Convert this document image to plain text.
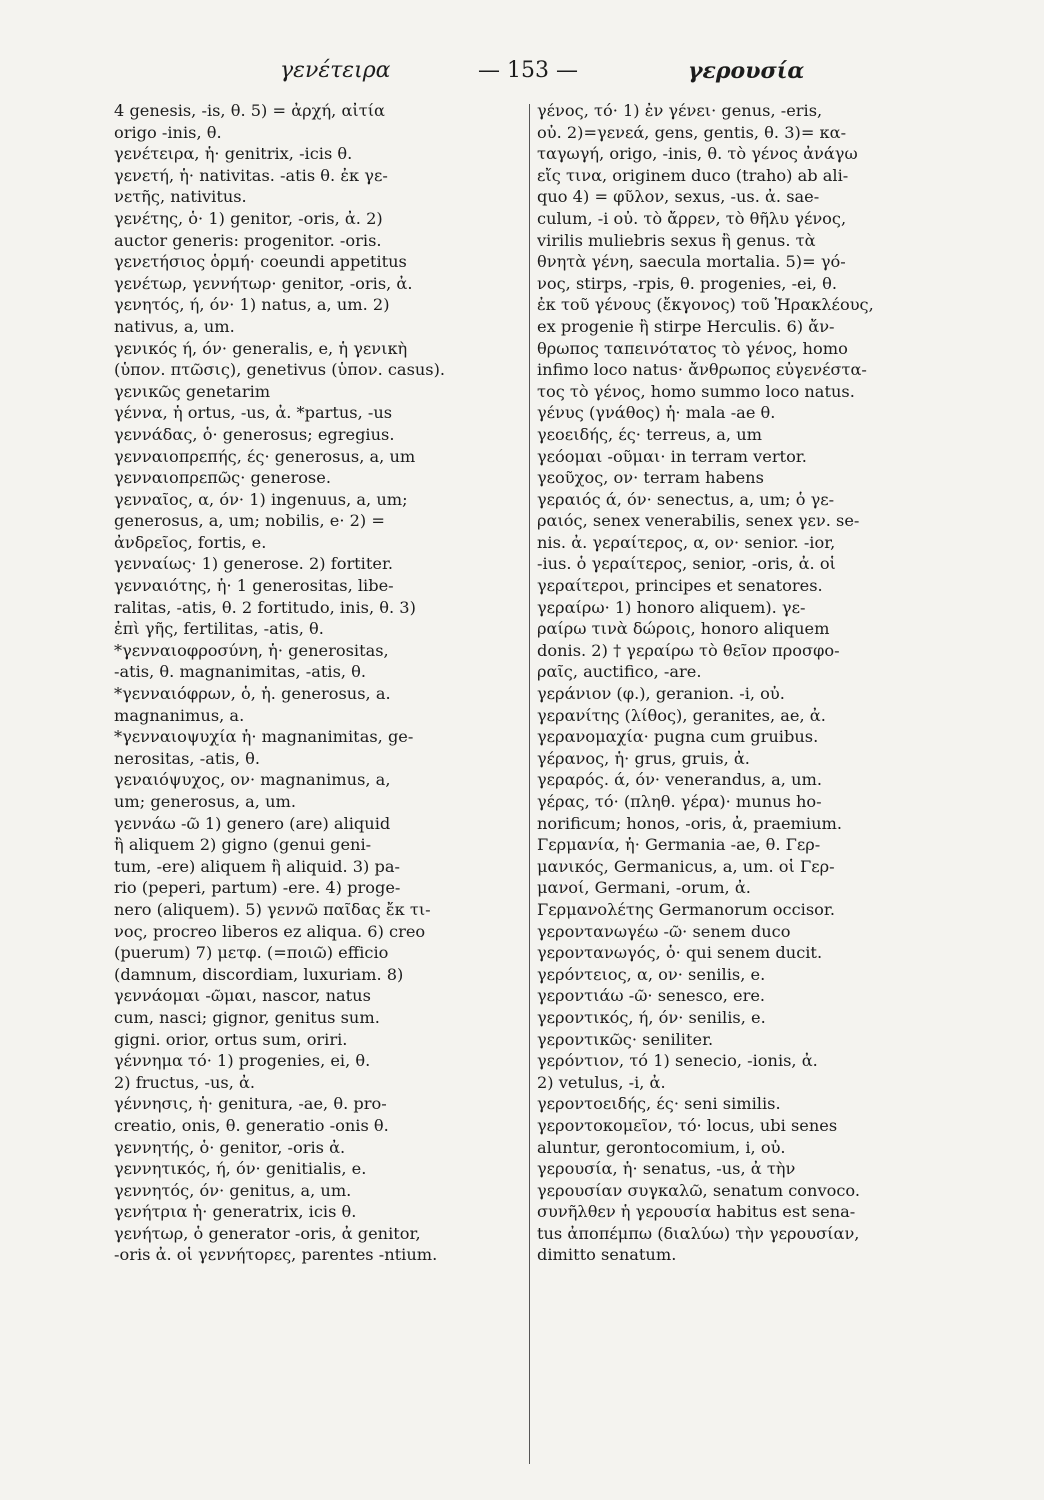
γενέτειρα	— 153 —	γερουσία
4 genesis, -is, θ. 5) = ἀρχή, αἰτία
origo -inis, θ.
γενέτειρα, ἡ· genitrix, -icis θ.
γενετή, ἡ· nativitas. -atis θ. ἐκ γε-
νετῆς, nativitus.
γενέτης, ὁ· 1) genitor, -oris, ἀ. 2)
auctor generis: progenitor. -oris.
γενετήσιος ὁρμή· coeundi appetitus
γενέτωρ, γεννήτωρ· genitor, -oris, ἀ.
γενητός, ή, όν· 1) natus, a, um. 2)
nativus, a, um.
γενικός ή, όν· generalis, e, ἡ γενικὴ
(ὑπον. πτῶσις), genetivus (ὑπον. casus).
γενικῶς genetarim
γέννα, ἡ ortus, -us, ἀ. *partus, -us
γεννάδας, ὁ· generosus; egregius.
γενναιοπρεπής, ές· generosus, a, um
γενναιοπρεπῶς· generose.
γενναῖος, α, όν· 1) ingenuus, a, um;
generosus, a, um; nobilis, e· 2) =
ἀνδρεῖος, fortis, e.
γενναίως· 1) generose. 2) fortiter.
γενναιότης, ἡ· 1 generositas, libe-
ralitas, -atis, θ. 2 fortitudo, inis, θ. 3)
ἐπὶ γῆς, fertilitas, -atis, θ.
*γενναιοφροσύνη, ἡ· generositas,
-atis, θ. magnanimitas, -atis, θ.
*γενναιόφρων, ὁ, ἡ. generosus, a.
magnanimus, a.
*γενναιοψυχία ἡ· magnanimitas, ge-
nerositas, -atis, θ.
γεναιόψυχος, ον· magnanimus, a,
um; generosus, a, um.
γεννάω -ῶ 1) genero (are) aliquid
ἢ aliquem 2) gigno (genui geni-
tum, -ere) aliquem ἢ aliquid. 3) pa-
rio (peperi, partum) -ere. 4) proge-
nero (aliquem). 5) γεννῶ παῖδας ἔκ τι-
νος, procreo liberos ez aliqua. 6) creo
(puerum) 7) μετφ. (=ποιῶ) efficio
(damnum, discordiam, luxuriam. 8)
γεννάομαι -ῶμαι, nascor, natus
cum, nasci; gignor, genitus sum.
gigni. orior, ortus sum, oriri.
γέννημα τό· 1) progenies, ei, θ.
2) fructus, -us, ἀ.
γέννησις, ἡ· genitura, -ae, θ. pro-
creatio, onis, θ. generatio -onis θ.
γεννητής, ὁ· genitor, -oris ἀ.
γεννητικός, ή, όν· genitialis, e.
γεννητός, όν· genitus, a, um.
γενήτρια ἡ· generatrix, icis θ.
γενήτωρ, ὁ generator -oris, ἀ genitor,
-oris ἀ. οἱ γεννήτορες, parentes -ntium.
γένος, τό· 1) ἐν γένει· genus, -eris,
οὐ. 2)=γενεά, gens, gentis, θ. 3)= κα-
ταγωγή, origo, -inis, θ. τὸ γένος ἀνάγω
εἴς τινα, originem duco (traho) ab ali-
quo 4) = φῦλον, sexus, -us. ἀ. sae-
culum, -i οὐ. τὸ ἄρρεν, τὸ θῆλυ γένος,
virilis muliebris sexus ἢ genus. τὰ
θνητὰ γένη, saecula mortalia. 5)= γό-
νος, stirps, -rpis, θ. progenies, -ei, θ.
ἐκ τοῦ γένους (ἔκγονος) τοῦ Ἡρακλέους,
ex progenie ἢ stirpe Herculis. 6) ἄν-
θρωπος ταπεινότατος τὸ γένος, homo
infimo loco natus· ἄνθρωπος εὐγενέστα-
τος τὸ γένος, homo summo loco natus.
γένυς (γνάθος) ἡ· mala -ae θ.
γεοειδής, ές· terreus, a, um
γεόομαι -οῦμαι· in terram vertor.
γεοῦχος, ον· terram habens
γεραιός ά, όν· senectus, a, um; ὁ γε-
ραιός, senex venerabilis, senex γεν. se-
nis. ἀ. γεραίτερος, α, ον· senior. -ior,
-ius. ὁ γεραίτερος, senior, -oris, ἀ. οἱ
γεραίτεροι, principes et senatores.
γεραίρω· 1) honoro aliquem). γε-
ραίρω τινὰ δώροις, honoro aliquem
donis. 2) † γεραίρω τὸ θεῖον προσφο-
ραῖς, auctifico, -are.
γεράνιον (φ.), geranion. -i, οὐ.
γερανίτης (λίθος), geranites, ae, ἀ.
γερανομαχία· pugna cum gruibus.
γέρανος, ἡ· grus, gruis, ἀ.
γεραρός. ά, όν· venerandus, a, um.
γέρας, τό· (πληθ. γέρα)· munus ho-
norificum; honos, -oris, ἀ, praemium.
Γερμανία, ἡ· Germania -ae, θ. Γερ-
μανικός, Germanicus, a, um. οἱ Γερ-
μανοί, Germani, -orum, ἀ.
Γερμανολέτης Germanorum occisor.
γεροντανωγέω -ῶ· senem duco
γεροντανωγός, ὁ· qui senem ducit.
γερόντειος, α, ον· senilis, e.
γεροντιάω -ῶ· senesco, ere.
γεροντικός, ή, όν· senilis, e.
γεροντικῶς· seniliter.
γερόντιον, τό 1) senecio, -ionis, ἀ.
2) vetulus, -i, ἀ.
γεροντοειδής, ές· seni similis.
γεροντοκομεῖον, τό· locus, ubi senes
aluntur, gerontocomium, i, οὐ.
γερουσία, ἡ· senatus, -us, ἀ τὴν
γερουσίαν συγκαλῶ, senatum convoco.
συνῆλθεν ἡ γερουσία habitus est sena-
tus ἀποπέμπω (διαλύω) τὴν γερουσίαν,
dimitto senatum.
